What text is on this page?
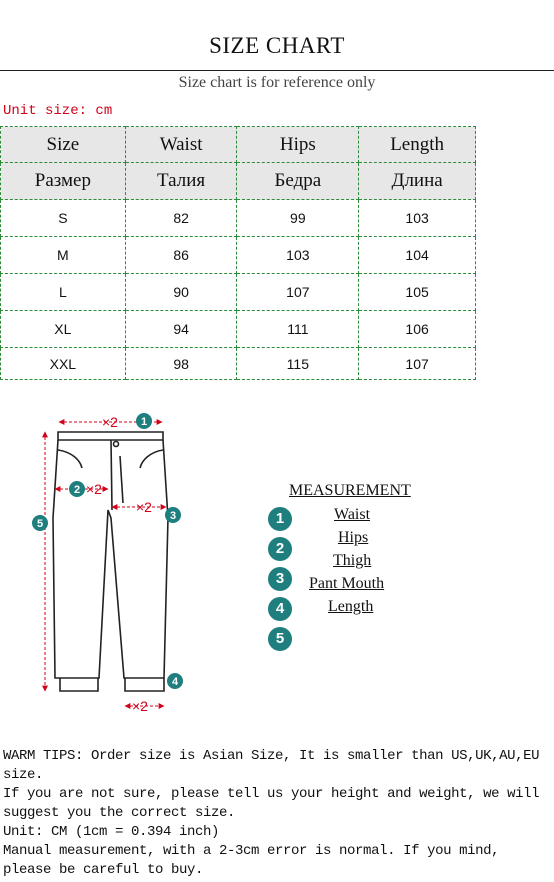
SIZE CHART
Size chart is for reference only
Unit size: cm
Size	Waist	Hips	Length
Размер	Талия	Бедра	Длина
S	82	99	103
M	86	103	104
L	90	107	105
XL	94	111	106
XXL	98	115	107
×2
×2
×2
×2
1
2
3
4
5
MEASUREMENT
1
2
3
4
5
Waist
Hips
Thigh
Pant Mouth
Length
WARM TIPS: Order size is Asian Size, It is smaller than US,UK,AU,EU size.
If you are not sure, please tell us your height and weight, we will suggest you the correct size.
Unit: CM (1cm = 0.394 inch)
Manual measurement, with a 2-3cm error is normal. If you mind, please be careful to buy.
